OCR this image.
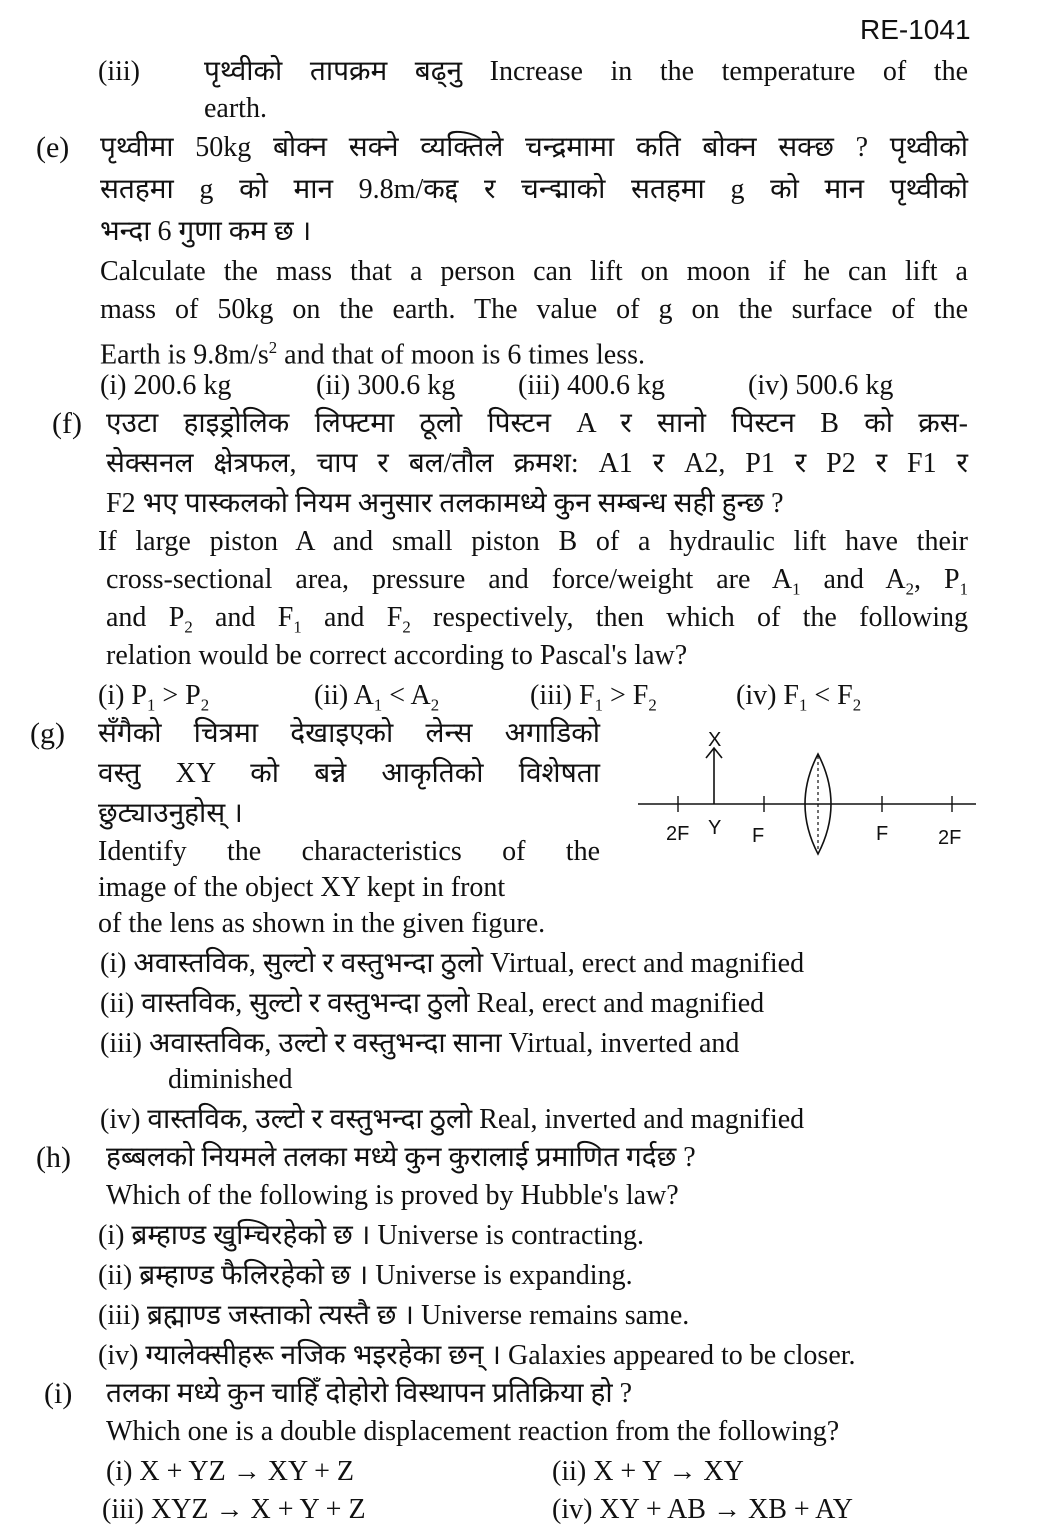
RE-1041
(iii) पृथ्वीको तापक्रम बढ्नु Increase in the temperature of the
earth.
(e) पृथ्वीमा 50kg बोक्न सक्ने व्यक्तिले चन्द्रमामा कति बोक्न सक्छ ? पृथ्वीको
सतहमा g को मान 9.8m/कद्द र चन्द्माको सतहमा g को मान पृथ्वीको
भन्दा 6 गुणा कम छ ।
Calculate the mass that a person can lift on moon if he can lift a
mass of 50kg on the earth. The value of g on the surface of the
Earth is $9.8m/s^2$ and that of moon is 6 times less.
(i) 200.6 kg	(ii) 300.6 kg (iii) 400.6 kg	(iv) 500.6 kg
(f) एउटा हाइड्रोलिक लिफ्टमा ठूलो पिस्टन A र सानो पिस्टन B को क्रस-
सेक्सनल क्षेत्रफल, चाप र बल/तौल क्रमश: A1 र A2, P1 र P2 र F1 र
F2 भए पास्कलको नियम अनुसार तलकामध्ये कुन सम्बन्ध सही हुन्छ ?
If large piston A and small piston B of a hydraulic lift have their
cross-sectional area, pressure and force/weight are $A_1$ and $A_2$, $P_1$
and $P_2$ and $F_1$ and $F_2$ respectively, then which of the following
relation would be correct according to Pascal's law?
(i) $P_1 > P_2$	(ii) $A_1 < A_2$	(iii) $F_1 > F_2$	(iv) $F_1 < F_2$
(g) सँगैको चित्रमा देखाइएको लेन्स अगाडिको
वस्तु XY को बन्ने आकृतिको विशेषता
छुट्याउनुहोस् ।
Identify the characteristics of the
image of the object XY kept in front
of the lens as shown in the given figure.
X
Y
2F	F	F 2F
(i) अवास्तविक, सुल्टो र वस्तुभन्दा ठुलो Virtual, erect and magnified
(ii) वास्तविक, सुल्टो र वस्तुभन्दा ठुलो Real, erect and magnified
(iii) अवास्तविक, उल्टो र वस्तुभन्दा साना Virtual, inverted and
diminished
(iv) वास्तविक, उल्टो र वस्तुभन्दा ठुलो Real, inverted and magnified
(h) हब्बलको नियमले तलका मध्ये कुन कुरालाई प्रमाणित गर्दछ ?
Which of the following is proved by Hubble's law?
(i) ब्रम्हाण्ड खुम्चिरहेको छ । Universe is contracting.
(ii) ब्रम्हाण्ड फैलिरहेको छ । Universe is expanding.
(iii) ब्रह्माण्ड जस्ताको त्यस्तै छ । Universe remains same.
(iv) ग्यालेक्सीहरू नजिक भइरहेका छन् । Galaxies appeared to be closer.
(i) तलका मध्ये कुन चाहिँ दोहोरो विस्थापन प्रतिक्रिया हो ?
Which one is a double displacement reaction from the following?
(i) X + YZ → XY + Z	(ii) X + Y → XY
(iii) XYZ → X + Y + Z	(iv) XY + AB → XB + AY
